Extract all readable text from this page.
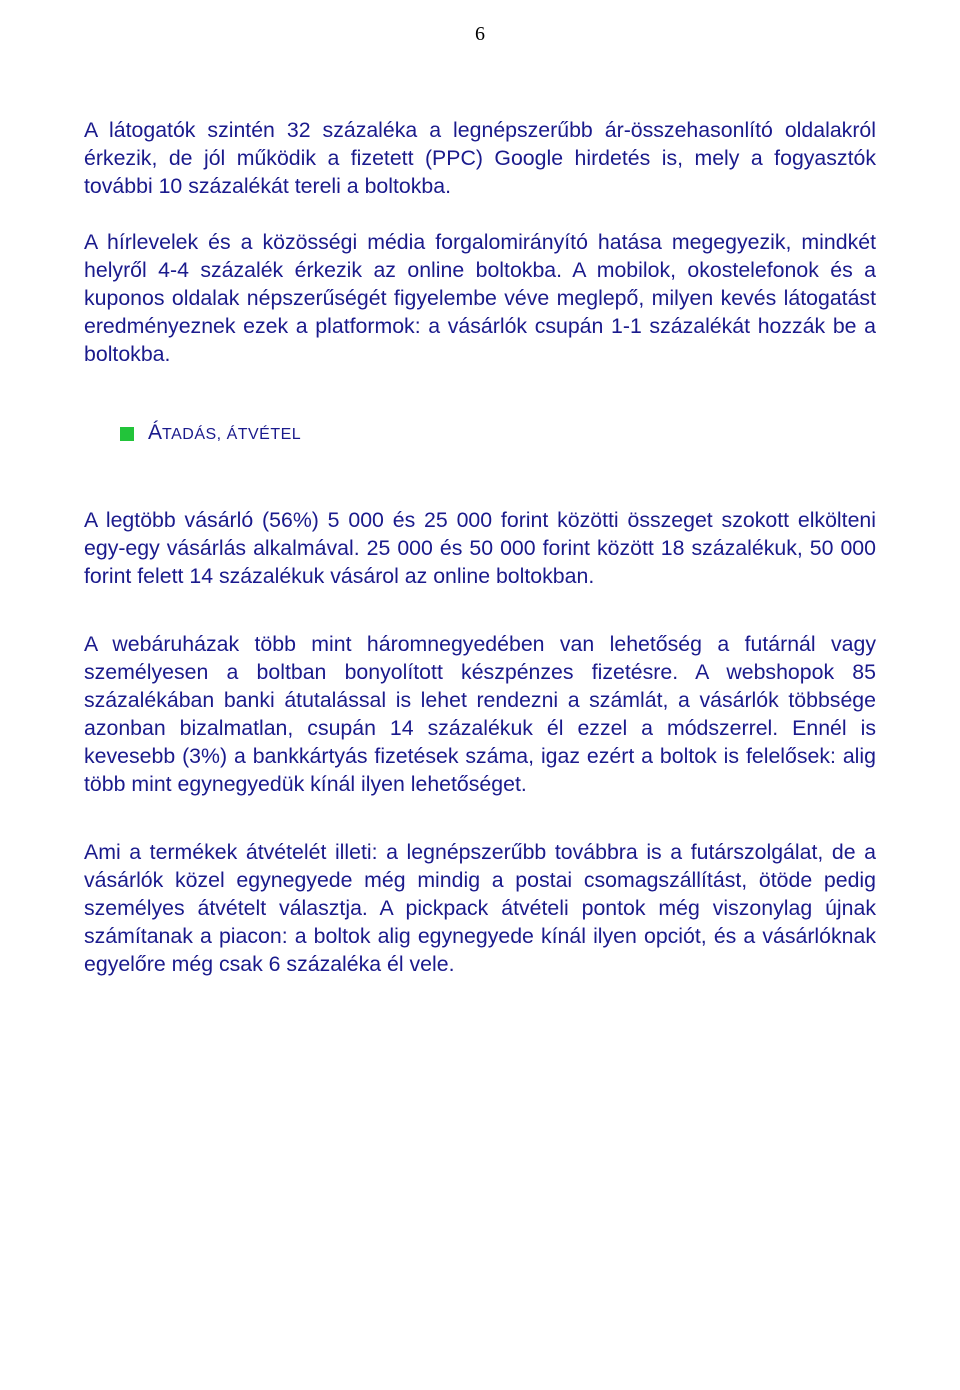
6

A látogatók szintén 32 százaléka a legnépszerűbb ár-összehasonlító oldalakról érkezik, de jól működik a fizetett (PPC) Google hirdetés is, mely a fogyasztók további 10 százalékát tereli a boltokba.

A hírlevelek és a közösségi média forgalomirányító hatása megegyezik, mindkét helyről 4-4 százalék érkezik az online boltokba. A mobilok, okostelefonok és a kuponos oldalak népszerűségét figyelembe véve meglepő, milyen kevés látogatást eredményeznek ezek a platformok: a vásárlók csupán 1-1 százalékát hozzák be a boltokba.

ÁTADÁS, ÁTVÉTEL

A legtöbb vásárló (56%) 5 000 és 25 000 forint közötti összeget szokott elkölteni egy-egy vásárlás alkalmával. 25 000 és 50 000 forint között 18 százalékuk, 50 000 forint felett 14 százalékuk vásárol az online boltokban.

A webáruházak több mint háromnegyedében van lehetőség a futárnál vagy személyesen a boltban bonyolított készpénzes fizetésre. A webshopok 85 százalékában banki átutalással is lehet rendezni a számlát, a vásárlók többsége azonban bizalmatlan, csupán 14 százalékuk él ezzel a módszerrel. Ennél is kevesebb (3%) a bankkártyás fizetések száma, igaz ezért a boltok is felelősek: alig több mint egynegyedük kínál ilyen lehetőséget.

Ami a termékek átvételét illeti: a legnépszerűbb továbbra is a futárszolgálat, de a vásárlók közel egynegyede még mindig a postai csomagszállítást, ötöde pedig személyes átvételt választja. A pickpack átvételi pontok még viszonylag újnak számítanak a piacon: a boltok alig egynegyede kínál ilyen opciót, és a vásárlóknak egyelőre még csak 6 százaléka él vele.
